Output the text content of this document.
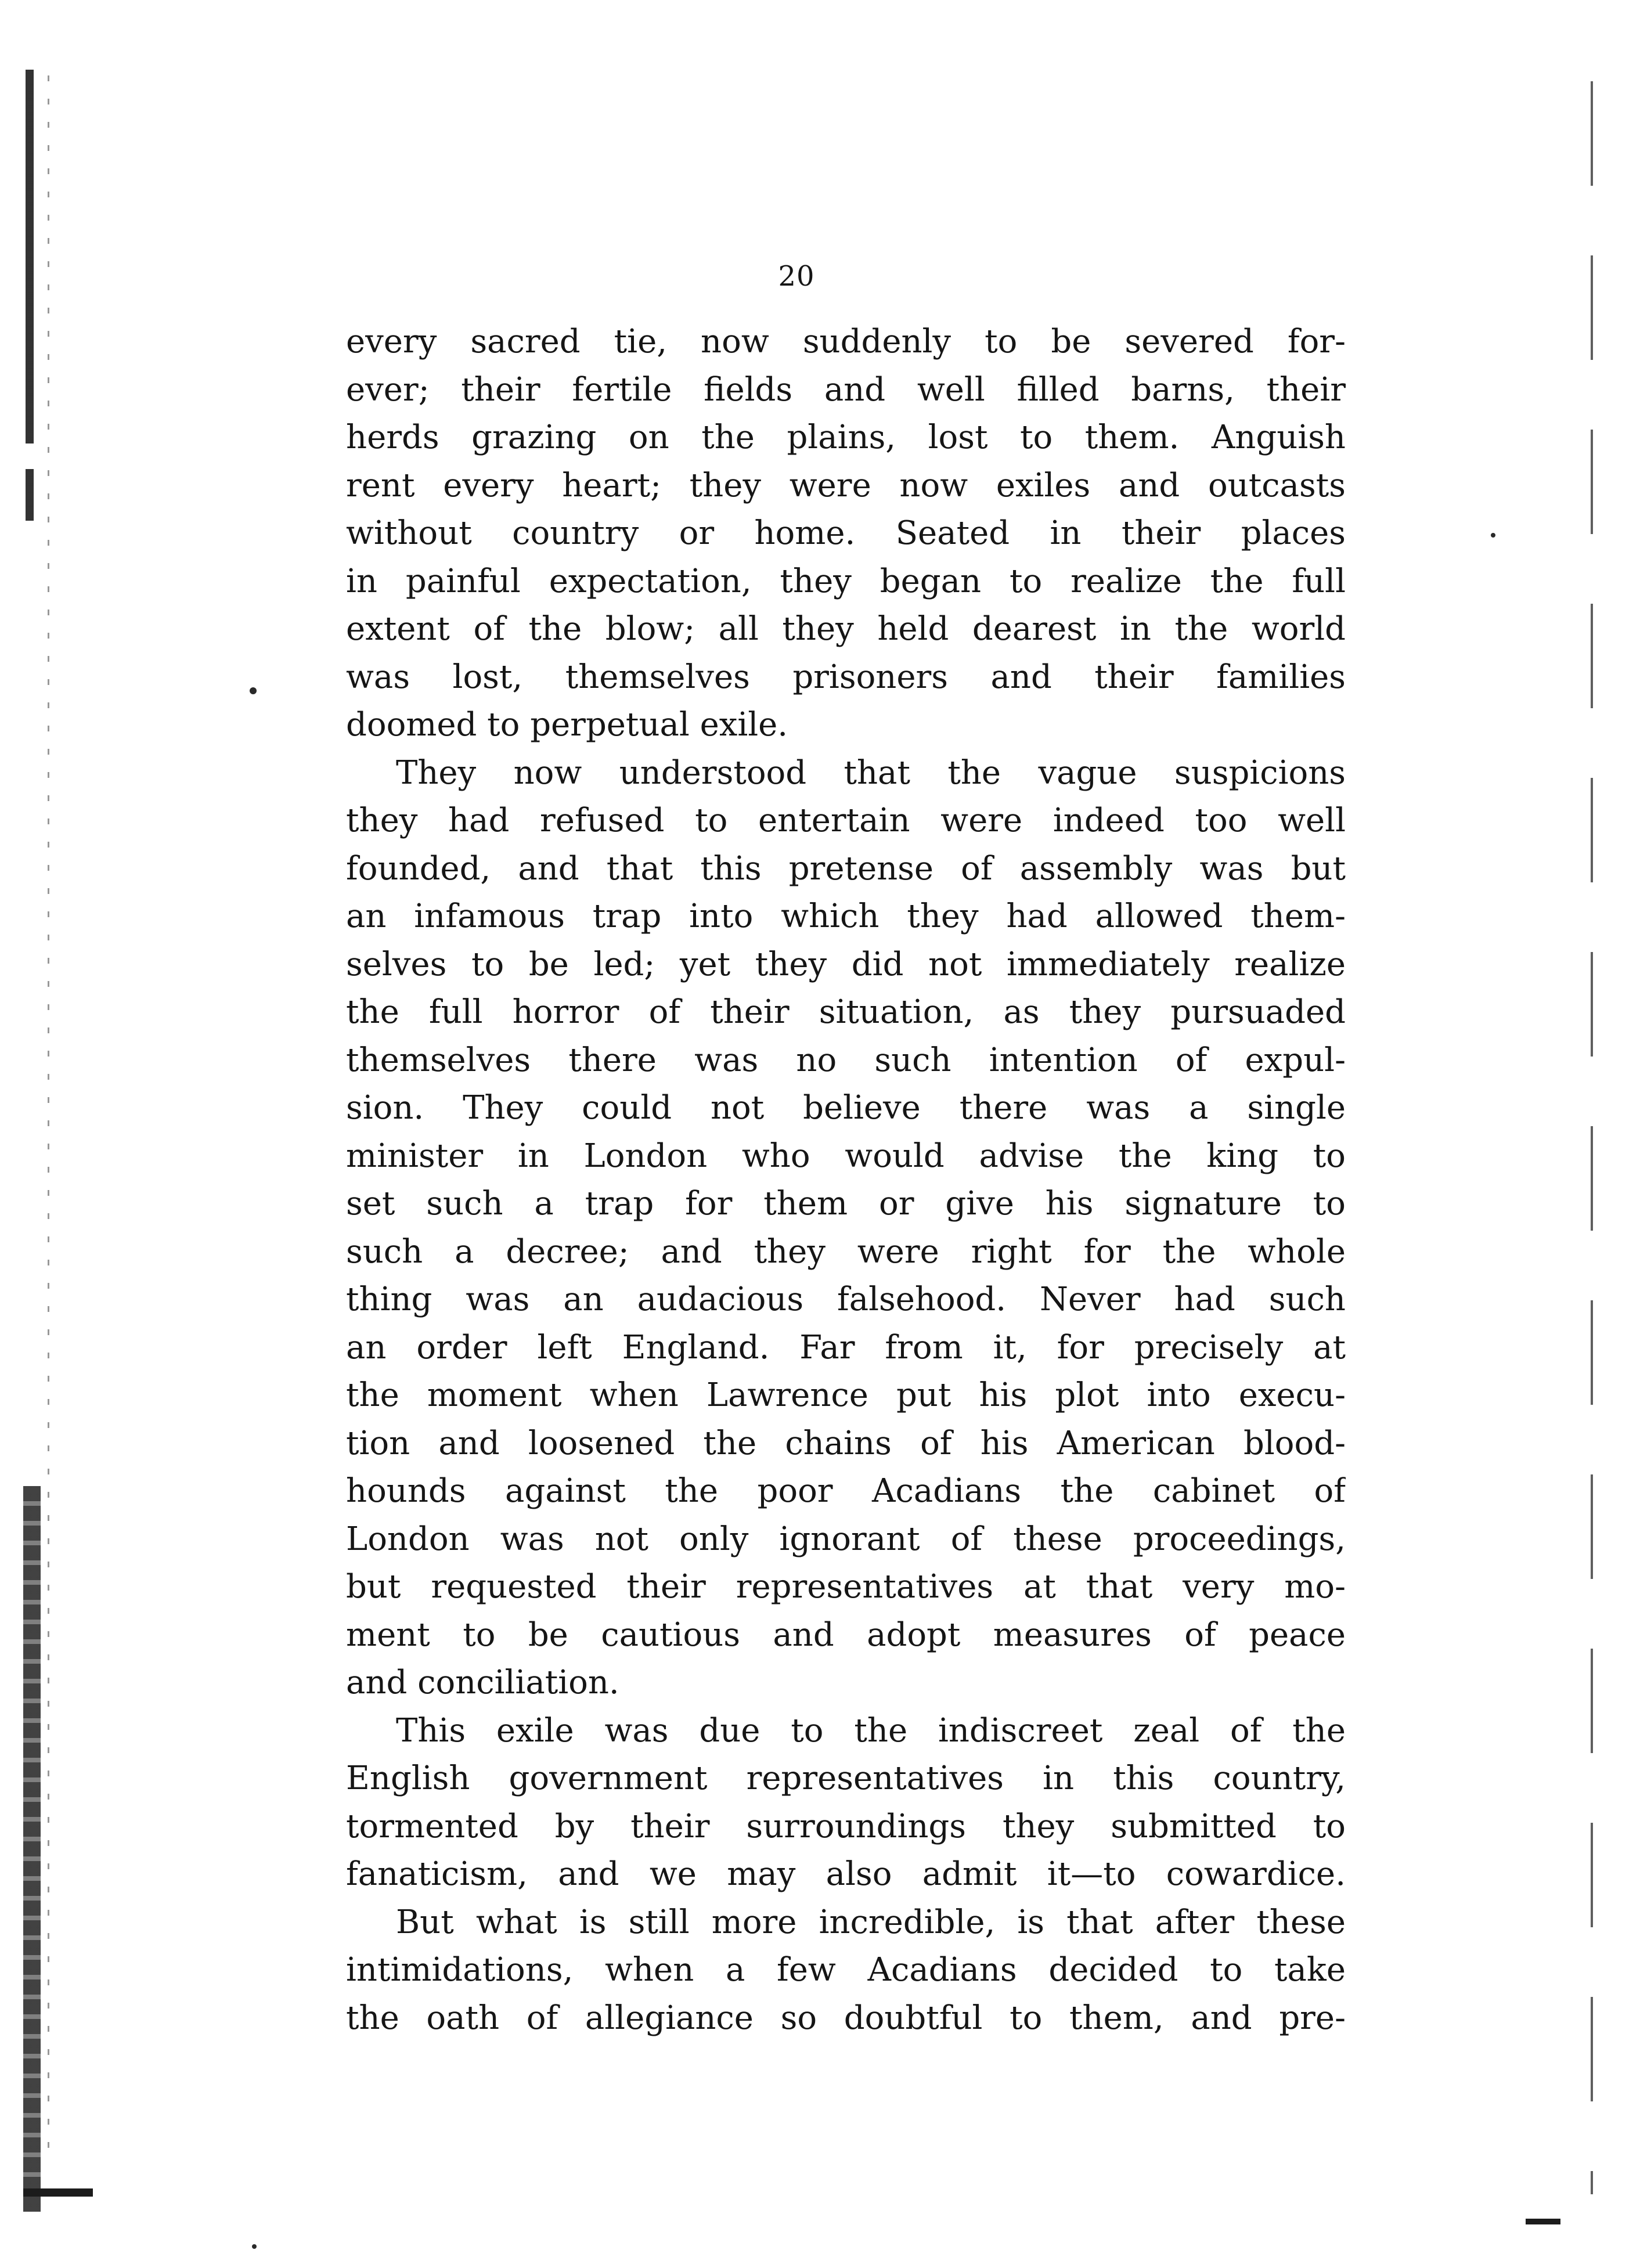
20
every sacred tie, now suddenly to be severed for-
ever; their fertile fields and well filled barns, their
herds grazing on the plains, lost to them. Anguish
rent every heart; they were now exiles and outcasts
without country or home. Seated in their places
in painful expectation, they began to realize the full
extent of the blow; all they held dearest in the world
was lost, themselves prisoners and their families
doomed to perpetual exile.
They now understood that the vague suspicions
they had refused to entertain were indeed too well
founded, and that this pretense of assembly was but
an infamous trap into which they had allowed them-
selves to be led; yet they did not immediately realize
the full horror of their situation, as they pursuaded
themselves there was no such intention of expul-
sion. They could not believe there was a single
minister in London who would advise the king to
set such a trap for them or give his signature to
such a decree; and they were right for the whole
thing was an audacious falsehood. Never had such
an order left England. Far from it, for precisely at
the moment when Lawrence put his plot into execu-
tion and loosened the chains of his American blood-
hounds against the poor Acadians the cabinet of
London was not only ignorant of these proceedings,
but requested their representatives at that very mo-
ment to be cautious and adopt measures of peace
and conciliation.
This exile was due to the indiscreet zeal of the
English government representatives in this country,
tormented by their surroundings they submitted to
fanaticism, and we may also admit it—to cowardice.
But what is still more incredible, is that after these
intimidations, when a few Acadians decided to take
the oath of allegiance so doubtful to them, and pre-
